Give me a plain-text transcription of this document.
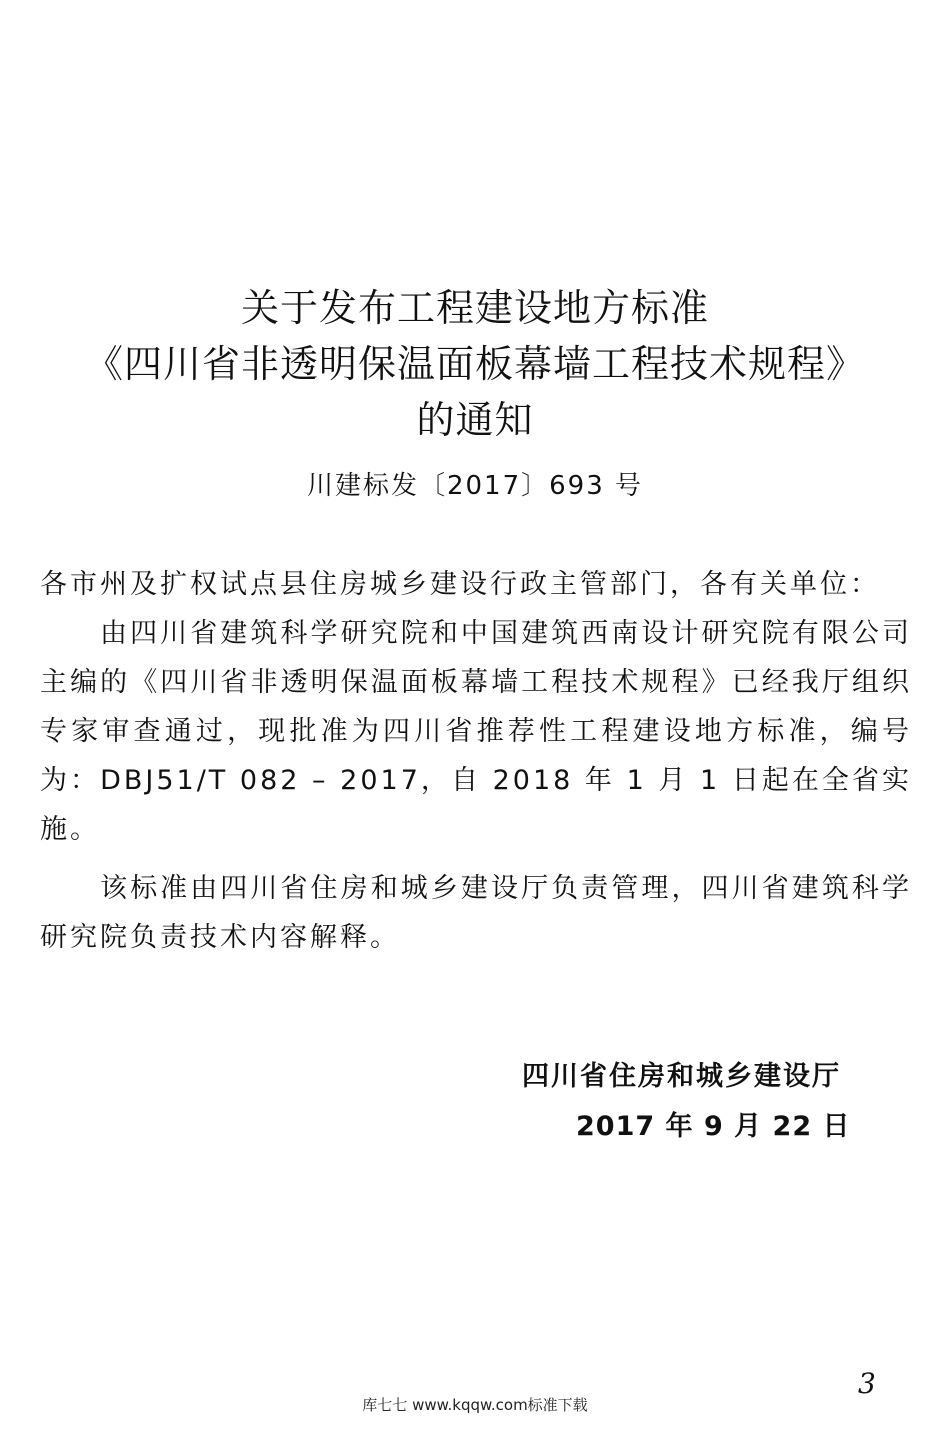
关于发布工程建设地方标准
《四川省非透明保温面板幕墙工程技术规程》
的通知
川建标发〔2017〕693 号

各市州及扩权试点县住房城乡建设行政主管部门，各有关单位：

由四川省建筑科学研究院和中国建筑西南设计研究院有限公司主编的《四川省非透明保温面板幕墙工程技术规程》已经我厅组织专家审查通过，现批准为四川省推荐性工程建设地方标准，编号为：DBJ51/T 082 – 2017，自 2018 年 1 月 1 日起在全省实施。

该标准由四川省住房和城乡建设厅负责管理，四川省建筑科学研究院负责技术内容解释。

四川省住房和城乡建设厅
2017 年 9 月 22 日
3
库七七 www.kqqw.com标准下载
